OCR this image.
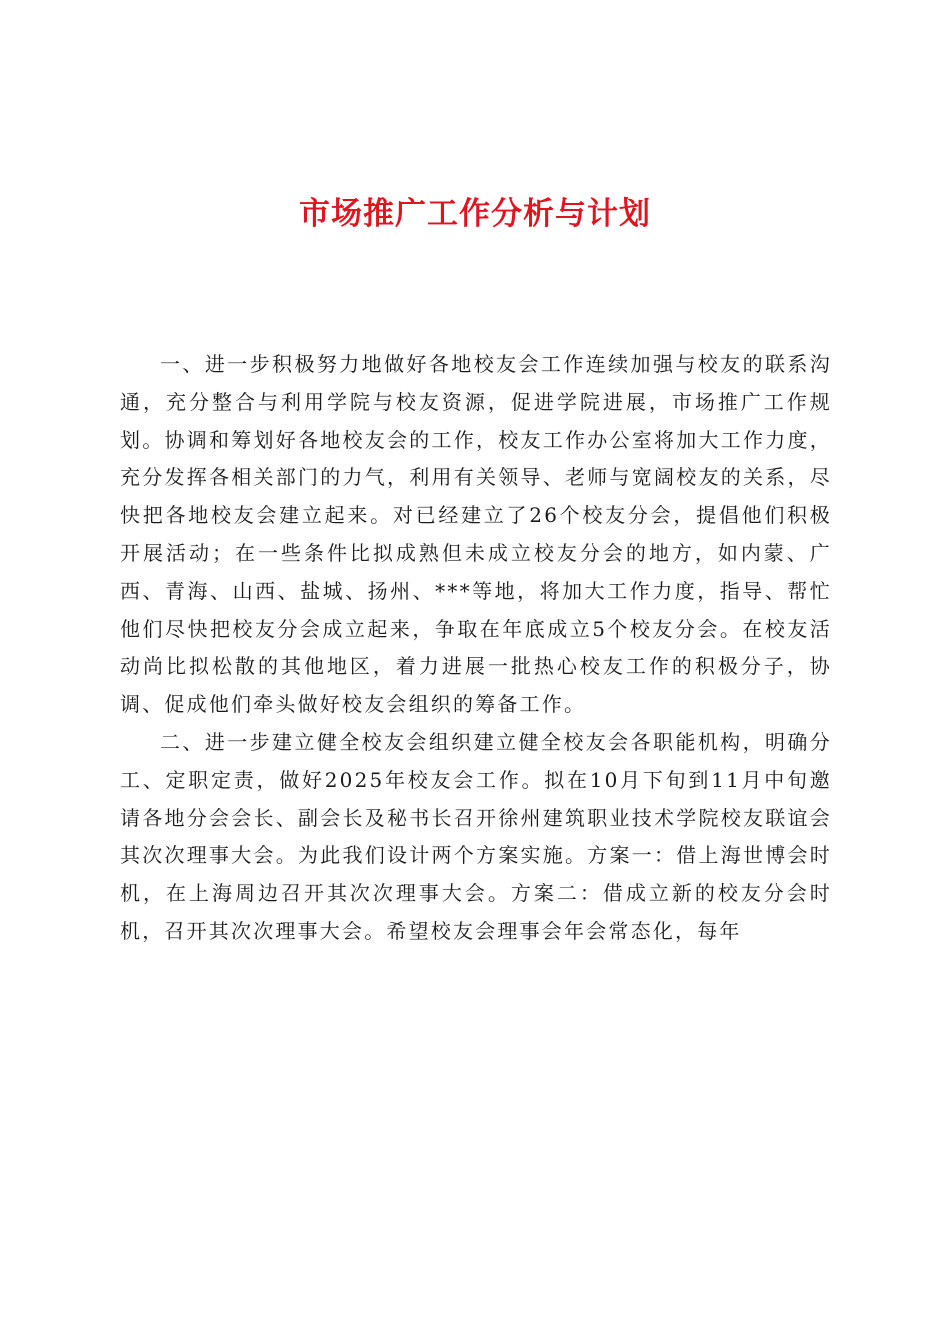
市场推广工作分析与计划

一、进一步积极努力地做好各地校友会工作连续加强与校友的联系沟通，充分整合与利用学院与校友资源，促进学院进展，市场推广工作规划。协调和筹划好各地校友会的工作，校友工作办公室将加大工作力度，充分发挥各相关部门的力气，利用有关领导、老师与宽阔校友的关系，尽快把各地校友会建立起来。对已经建立了26个校友分会，提倡他们积极开展活动；在一些条件比拟成熟但未成立校友分会的地方，如内蒙、广西、青海、山西、盐城、扬州、***等地，将加大工作力度，指导、帮忙他们尽快把校友分会成立起来，争取在年底成立5个校友分会。在校友活动尚比拟松散的其他地区，着力进展一批热心校友工作的积极分子，协调、促成他们牵头做好校友会组织的筹备工作。

二、进一步建立健全校友会组织建立健全校友会各职能机构，明确分工、定职定责，做好2025年校友会工作。拟在10月下旬到11月中旬邀请各地分会会长、副会长及秘书长召开徐州建筑职业技术学院校友联谊会其次次理事大会。为此我们设计两个方案实施。方案一：借上海世博会时机，在上海周边召开其次次理事大会。方案二：借成立新的校友分会时机，召开其次次理事大会。希望校友会理事会年会常态化，每年
